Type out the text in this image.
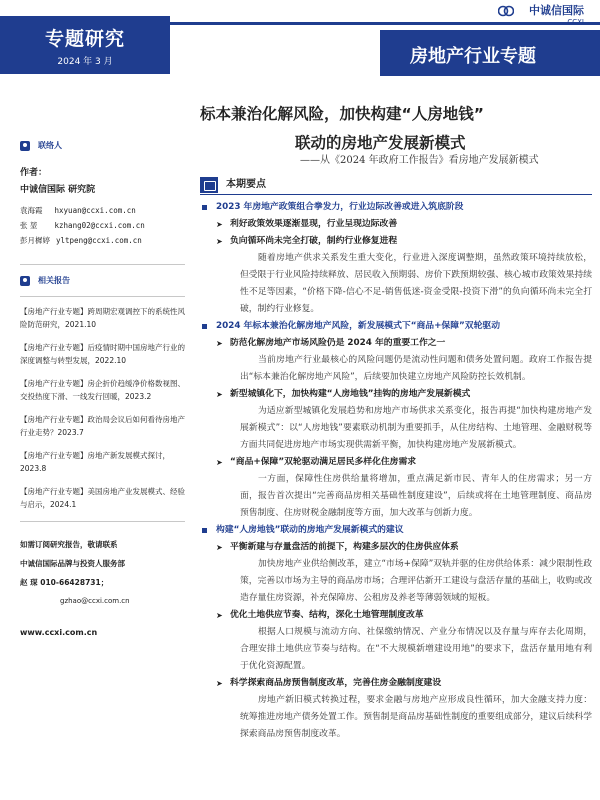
专题研究
2024 年 3 月	房地产行业专题
中诚信国际
CCXI
标本兼治化解风险，加快构建“人房地钱”
联动的房地产发展新模式
——从《2024 年政府工作报告》看房地产发展新模式
联络人
作者：
中诚信国际 研究院
袁海霞 hxyuan@ccxi.com.cn
张 堃 kzhang02@ccxi.com.cn
彭月樨婷 yltpeng@ccxi.com.cn
相关报告
【房地产行业专题】跨周期宏观调控下的系统性风险防范研究，2021.10
【房地产行业专题】后疫情时期中国房地产行业的深度调整与转型发展，2022.10
【房地产行业专题】房企折价趋缓净价格数视图、交投热度下滑、一线发行回暖，2023.2
【房地产行业专题】政治局会议后如何看待房地产行业走势？2023.7
【房地产行业专题】房地产新发展模式探讨，2023.8
【房地产行业专题】美国房地产业发展模式、经验与启示，2024.1
如需订阅研究报告，敬请联系
中诚信国际品牌与投资人服务部
赵 琛 010-66428731；
gzhao@ccxi.com.cn
www.ccxi.com.cn
本期要点
2023 年房地产政策组合拳发力，行业边际改善或进入筑底阶段
➤ 利好政策效果逐渐显现，行业呈现边际改善
➤ 负向循环尚未完全打破，制约行业修复进程
随着房地产供求关系发生重大变化，行业进入深度调整期，虽然政策环境持续放松，但受限于行业风险持续释放、居民收入预期弱、房价下跌预期较强、核心城市政策效果持续性不足等因素，“价格下降-信心不足-销售低迷-资金受限-投资下滑”的负向循环尚未完全打破，制约行业修复。
2024 年标本兼治化解房地产风险，新发展模式下“商品+保障”双轮驱动
➤ 防范化解房地产市场风险仍是 2024 年的重要工作之一
当前房地产行业最核心的风险问题仍是流动性问题和债务处置问题。政府工作报告提出“标本兼治化解房地产风险”，后续要加快建立房地产风险防控长效机制。
➤ 新型城镇化下，加快构建“人房地钱”挂钩的房地产发展新模式
为适应新型城镇化发展趋势和房地产市场供求关系变化，报告再提“加快构建房地产发展新模式”：以“人房地钱”要素联动机制为重要抓手，从住房结构、土地管理、金融财税等方面共同促进房地产市场实现供需新平衡，加快构建房地产发展新模式。
➤ “商品+保障”双轮驱动满足居民多样化住房需求
一方面，保障性住房供给量将增加，重点满足新市民、青年人的住房需求；另一方面，报告首次提出“完善商品房相关基础性制度建设”，后续或将在土地管理制度、商品房预售制度、住房财税金融制度等方面，加大改革与创新力度。
构建“人房地钱”联动的房地产发展新模式的建议
➤ 平衡新建与存量盘活的前提下，构建多层次的住房供应体系
加快房地产业供给侧改革，建立“市场+保障”双轨并驱的住房供给体系：减少限制性政策，完善以市场为主导的商品房市场；合理评估新开工建设与盘活存量的基础上，收购或改造存量住房资源，补充保障房、公租房及养老等薄弱领域的短板。
➤ 优化土地供应节奏、结构，深化土地管理制度改革
根据人口规模与流动方向、社保缴纳情况、产业分布情况以及存量与库存去化周期，合理安排土地供应节奏与结构。在“不大规模新增建设用地”的要求下，盘活存量用地有利于优化资源配置。
➤ 科学探索商品房预售制度改革，完善住房金融制度建设
房地产新旧模式转换过程，要求金融与房地产应形成良性循环，加大金融支持力度：统筹推进房地产债务处置工作。预售制是商品房基础性制度的重要组成部分，建议后续科学探索商品房预售制度改革。
